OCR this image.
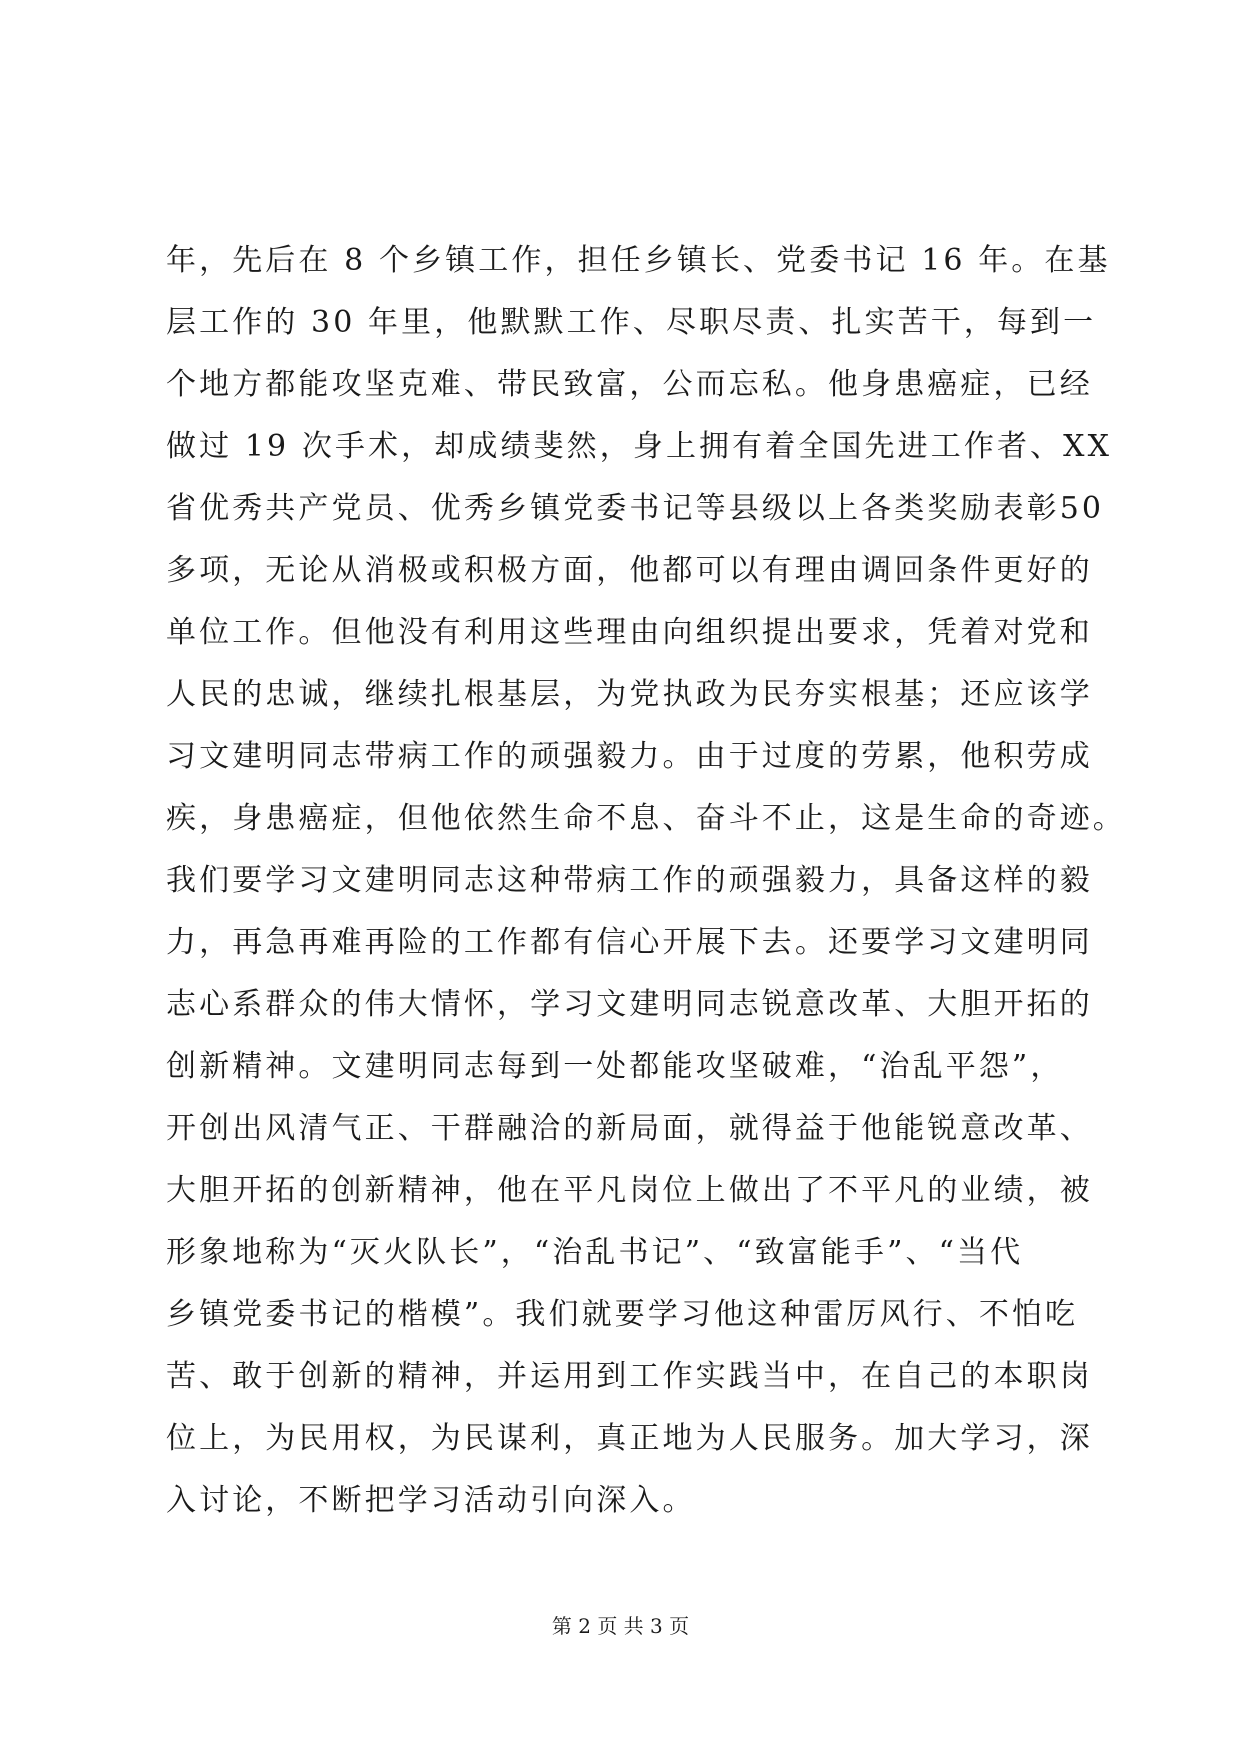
年，先后在 8 个乡镇工作，担任乡镇长、党委书记 16 年。在基
层工作的 30 年里，他默默工作、尽职尽责、扎实苦干，每到一
个地方都能攻坚克难、带民致富，公而忘私。他身患癌症，已经
做过 19 次手术，却成绩斐然，身上拥有着全国先进工作者、XX
省优秀共产党员、优秀乡镇党委书记等县级以上各类奖励表彰50
多项，无论从消极或积极方面，他都可以有理由调回条件更好的
单位工作。但他没有利用这些理由向组织提出要求，凭着对党和
人民的忠诚，继续扎根基层，为党执政为民夯实根基；还应该学
习文建明同志带病工作的顽强毅力。由于过度的劳累，他积劳成
疾，身患癌症，但他依然生命不息、奋斗不止，这是生命的奇迹。
我们要学习文建明同志这种带病工作的顽强毅力，具备这样的毅
力，再急再难再险的工作都有信心开展下去。还要学习文建明同
志心系群众的伟大情怀，学习文建明同志锐意改革、大胆开拓的
创新精神。文建明同志每到一处都能攻坚破难，“治乱平怨”，
开创出风清气正、干群融洽的新局面，就得益于他能锐意改革、
大胆开拓的创新精神，他在平凡岗位上做出了不平凡的业绩，被
形象地称为“灭火队长”，“治乱书记”、“致富能手”、“当代
乡镇党委书记的楷模”。我们就要学习他这种雷厉风行、不怕吃
苦、敢于创新的精神，并运用到工作实践当中，在自己的本职岗
位上，为民用权，为民谋利，真正地为人民服务。加大学习，深
入讨论，不断把学习活动引向深入。
第 2 页 共 3 页
